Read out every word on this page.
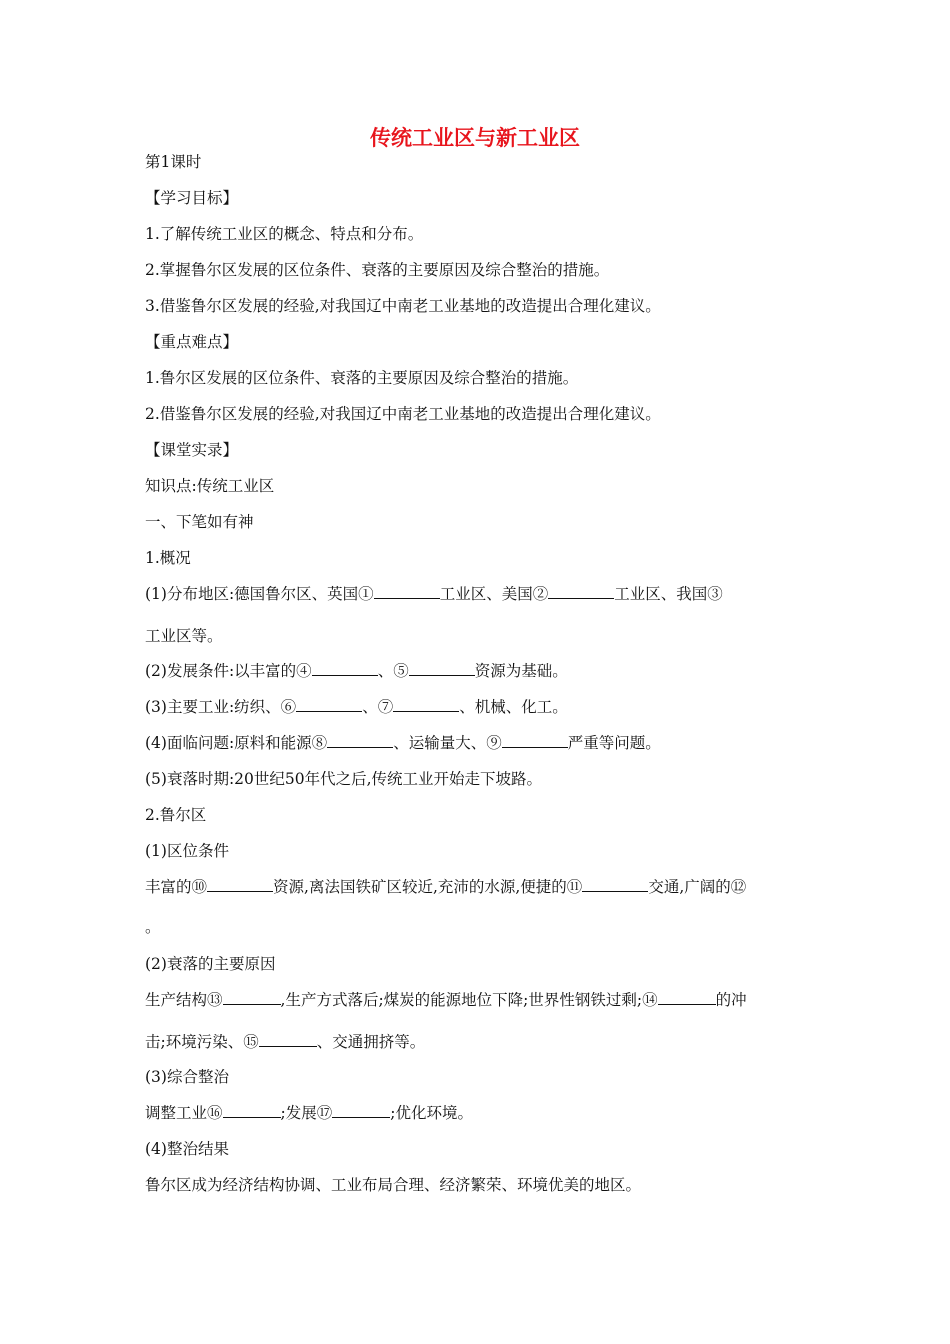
传统工业区与新工业区
第1课时
【学习目标】
1.了解传统工业区的概念、特点和分布。
2.掌握鲁尔区发展的区位条件、衰落的主要原因及综合整治的措施。
3.借鉴鲁尔区发展的经验,对我国辽中南老工业基地的改造提出合理化建议。
【重点难点】
1.鲁尔区发展的区位条件、衰落的主要原因及综合整治的措施。
2.借鉴鲁尔区发展的经验,对我国辽中南老工业基地的改造提出合理化建议。
【课堂实录】
知识点:传统工业区
一、下笔如有神
1.概况
(1)分布地区:德国鲁尔区、英国①	工业区、美国②	工业区、我国③
工业区等。
(2)发展条件:以丰富的④	、⑤	资源为基础。
(3)主要工业:纺织、⑥	、⑦	、机械、化工。
(4)面临问题:原料和能源⑧	、运输量大、⑨	严重等问题。
(5)衰落时期:20世纪50年代之后,传统工业开始走下坡路。
2.鲁尔区
(1)区位条件
丰富的⑩	资源,离法国铁矿区较近,充沛的水源,便捷的⑪	交通,广阔的⑫
。
(2)衰落的主要原因
生产结构⑬	,生产方式落后;煤炭的能源地位下降;世界性钢铁过剩;⑭	的冲
击;环境污染、⑮	、交通拥挤等。
(3)综合整治
调整工业⑯	;发展⑰	;优化环境。
(4)整治结果
鲁尔区成为经济结构协调、工业布局合理、经济繁荣、环境优美的地区。
